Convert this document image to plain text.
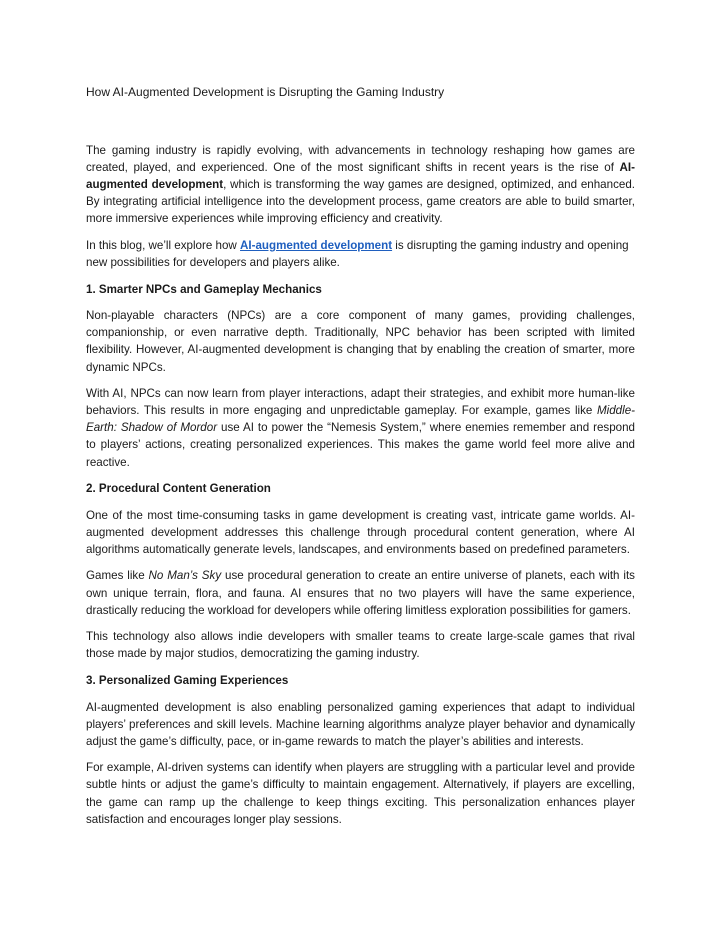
How AI-Augmented Development is Disrupting the Gaming Industry

The gaming industry is rapidly evolving, with advancements in technology reshaping how games are created, played, and experienced. One of the most significant shifts in recent years is the rise of AI-augmented development, which is transforming the way games are designed, optimized, and enhanced. By integrating artificial intelligence into the development process, game creators are able to build smarter, more immersive experiences while improving efficiency and creativity.

In this blog, we’ll explore how AI-augmented development is disrupting the gaming industry and opening new possibilities for developers and players alike.

1. Smarter NPCs and Gameplay Mechanics

Non-playable characters (NPCs) are a core component of many games, providing challenges, companionship, or even narrative depth. Traditionally, NPC behavior has been scripted with limited flexibility. However, AI-augmented development is changing that by enabling the creation of smarter, more dynamic NPCs.

With AI, NPCs can now learn from player interactions, adapt their strategies, and exhibit more human-like behaviors. This results in more engaging and unpredictable gameplay. For example, games like Middle-Earth: Shadow of Mordor use AI to power the “Nemesis System,” where enemies remember and respond to players’ actions, creating personalized experiences. This makes the game world feel more alive and reactive.

2. Procedural Content Generation

One of the most time-consuming tasks in game development is creating vast, intricate game worlds. AI-augmented development addresses this challenge through procedural content generation, where AI algorithms automatically generate levels, landscapes, and environments based on predefined parameters.

Games like No Man’s Sky use procedural generation to create an entire universe of planets, each with its own unique terrain, flora, and fauna. AI ensures that no two players will have the same experience, drastically reducing the workload for developers while offering limitless exploration possibilities for gamers.

This technology also allows indie developers with smaller teams to create large-scale games that rival those made by major studios, democratizing the gaming industry.

3. Personalized Gaming Experiences

AI-augmented development is also enabling personalized gaming experiences that adapt to individual players’ preferences and skill levels. Machine learning algorithms analyze player behavior and dynamically adjust the game’s difficulty, pace, or in-game rewards to match the player’s abilities and interests.

For example, AI-driven systems can identify when players are struggling with a particular level and provide subtle hints or adjust the game’s difficulty to maintain engagement. Alternatively, if players are excelling, the game can ramp up the challenge to keep things exciting. This personalization enhances player satisfaction and encourages longer play sessions.
